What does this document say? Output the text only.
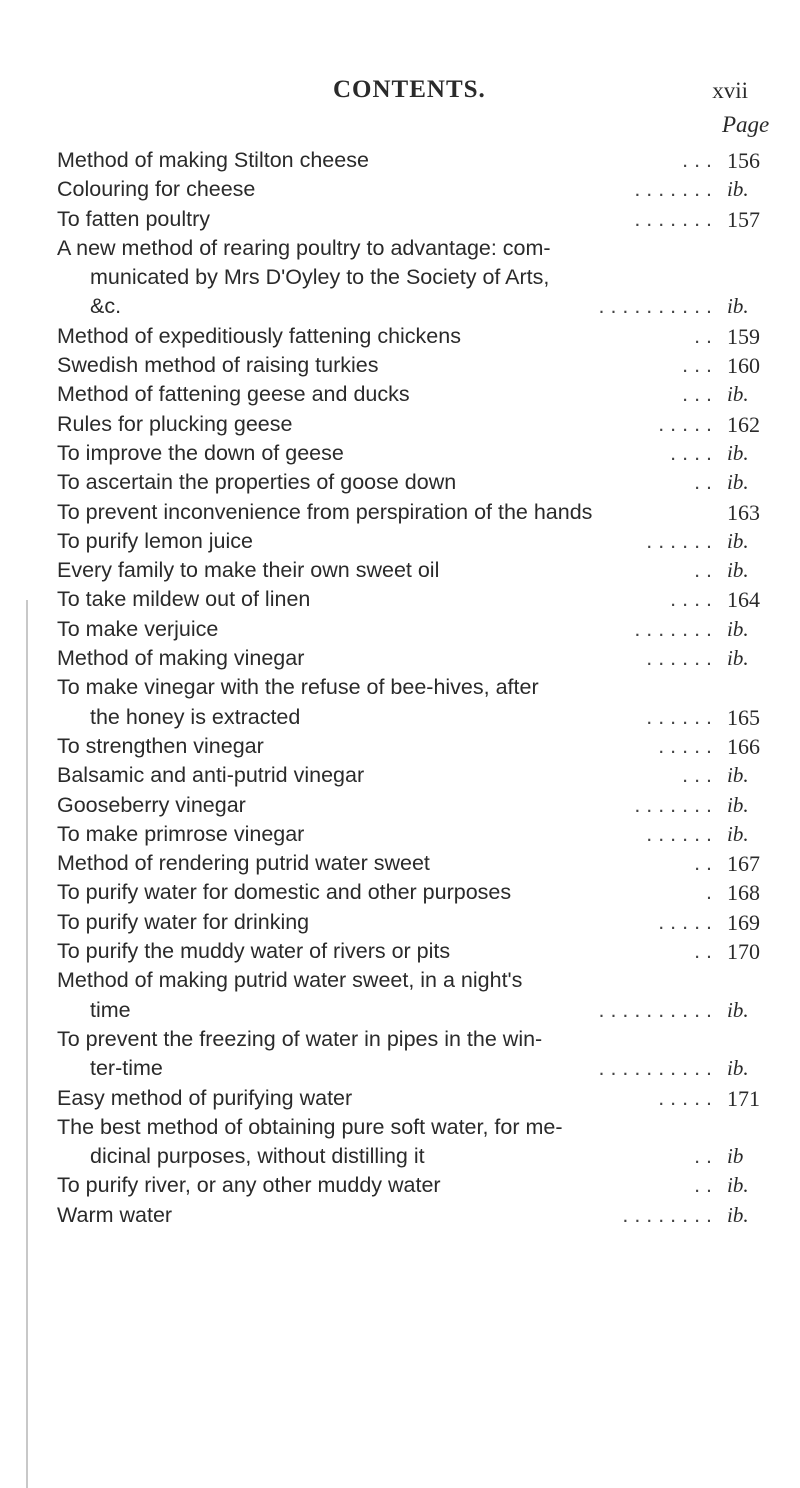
CONTENTS.	xvii
Page
Method of making Stilton cheese	. . . 156
Colouring for cheese	. . . . . . . ib.
To fatten poultry	. . . . . . . 157
A new method of rearing poultry to advantage: com-
municated by Mrs D'Oyley to the Society of Arts,
&c.	. . . . . . . . . . ib.
Method of expeditiously fattening chickens	. . 159
Swedish method of raising turkies	. . . 160
Method of fattening geese and ducks	. . . ib.
Rules for plucking geese	. . . . . 162
To improve the down of geese	. . . . ib.
To ascertain the properties of goose down	. . ib.
To prevent inconvenience from perspiration of the hands	163
To purify lemon juice	. . . . . . ib.
Every family to make their own sweet oil	. . ib.
To take mildew out of linen	. . . . 164
To make verjuice	. . . . . . . ib.
Method of making vinegar	. . . . . . ib.
To make vinegar with the refuse of bee-hives, after
the honey is extracted	. . . . . . 165
To strengthen vinegar	. . . . . 166
Balsamic and anti-putrid vinegar	. . . ib.
Gooseberry vinegar	. . . . . . . ib.
To make primrose vinegar	. . . . . . ib.
Method of rendering putrid water sweet	. . 167
To purify water for domestic and other purposes	. 168
To purify water for drinking	. . . . . 169
To purify the muddy water of rivers or pits	. . 170
Method of making putrid water sweet, in a night's
time	. . . . . . . . . . ib.
To prevent the freezing of water in pipes in the win-
ter-time	. . . . . . . . . . ib.
Easy method of purifying water	. . . . . 171
The best method of obtaining pure soft water, for me-
dicinal purposes, without distilling it	. . ib
To purify river, or any other muddy water	. . ib.
Warm water	. . . . . . . . ib.
